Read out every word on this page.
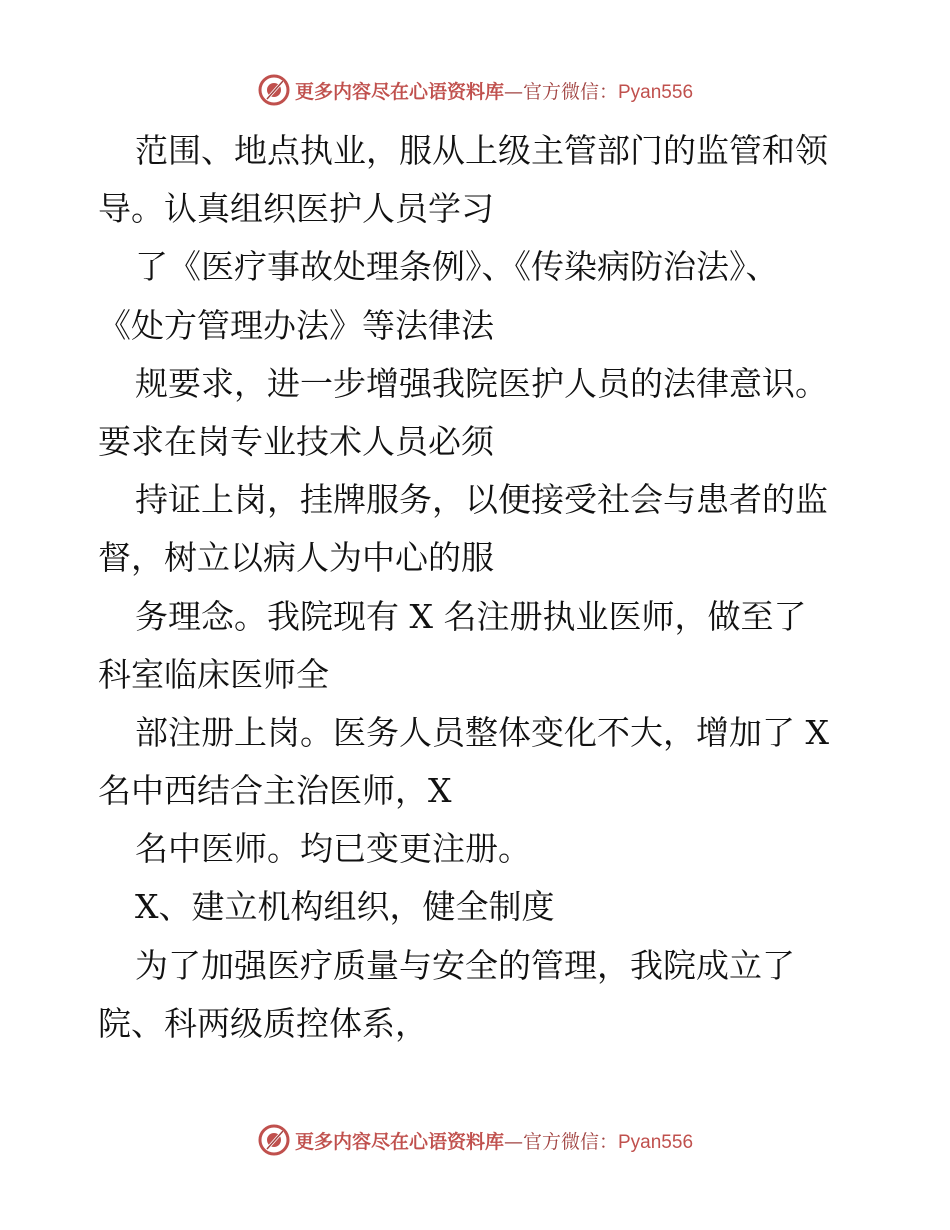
更多内容尽在心语资料库 —官方微信： Pyan556
范围、地点执业，服从上级主管部门的监管和领
导。认真组织医护人员学习
了《医疗事故处理条例》、《传染病防治法》、
《处方管理办法》等法律法
规要求，进一步增强我院医护人员的法律意识。
要求在岗专业技术人员必须
持证上岗，挂牌服务，以便接受社会与患者的监
督，树立以病人为中心的服
务理念。我院现有 X 名注册执业医师，做至了
科室临床医师全
部注册上岗。医务人员整体变化不大，增加了 X
名中西结合主治医师，X
名中医师。均已变更注册。
X、建立机构组织，健全制度
为了加强医疗质量与安全的管理，我院成立了
院、科两级质控体系，
更多内容尽在心语资料库 —官方微信： Pyan556
